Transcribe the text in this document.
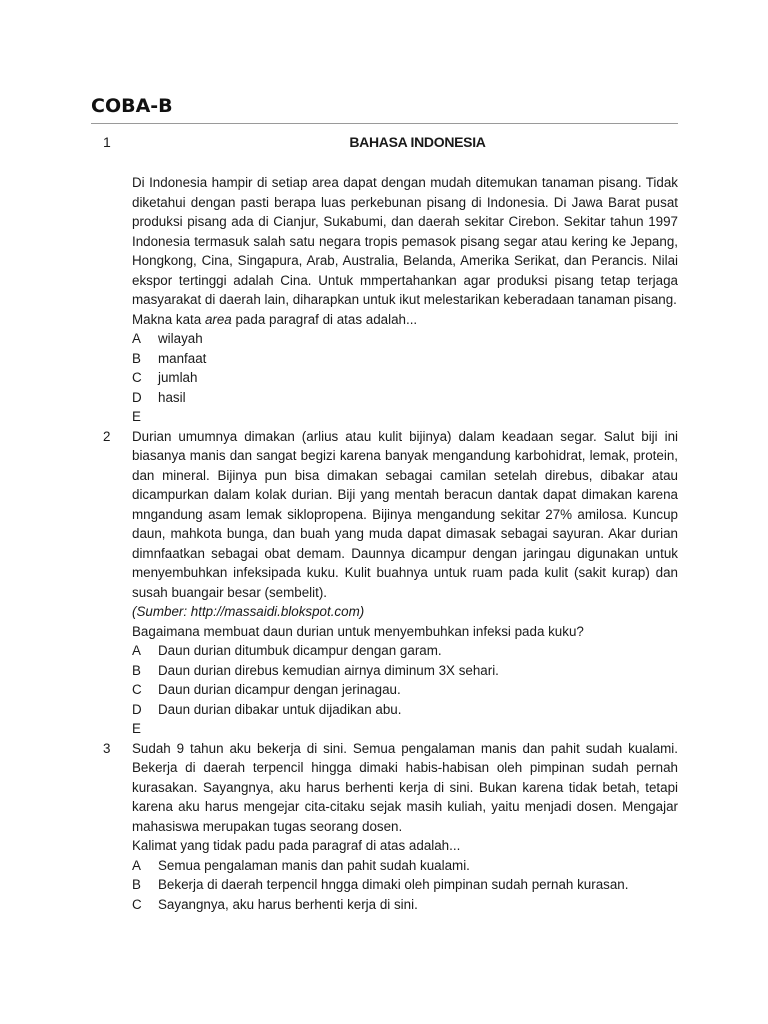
COBA-B
1	BAHASA INDONESIA

Di Indonesia hampir di setiap area dapat dengan mudah ditemukan tanaman pisang. Tidak diketahui dengan pasti berapa luas perkebunan pisang di Indonesia. Di Jawa Barat pusat produksi pisang ada di Cianjur, Sukabumi, dan daerah sekitar Cirebon. Sekitar tahun 1997 Indonesia termasuk salah satu negara tropis pemasok pisang segar atau kering ke Jepang, Hongkong, Cina, Singapura, Arab, Australia, Belanda, Amerika Serikat, dan Perancis. Nilai ekspor tertinggi adalah Cina. Untuk mmpertahankan agar produksi pisang tetap terjaga masyarakat di daerah lain, diharapkan untuk ikut melestarikan keberadaan tanaman pisang.

Makna kata area pada paragraf di atas adalah...

A	wilayah
B	manfaat
C	jumlah
D	hasil
E
2 Durian umumnya dimakan (arlius atau kulit bijinya) dalam keadaan segar. Salut biji ini biasanya manis dan sangat begizi karena banyak mengandung karbohidrat, lemak, protein, dan mineral. Bijinya pun bisa dimakan sebagai camilan setelah direbus, dibakar atau dicampurkan dalam kolak durian. Biji yang mentah beracun dantak dapat dimakan karena mngandung asam lemak siklopropena. Bijinya mengandung sekitar 27% amilosa. Kuncup daun, mahkota bunga, dan buah yang muda dapat dimasak sebagai sayuran. Akar durian dimnfaatkan sebagai obat demam. Daunnya dicampur dengan jaringau digunakan untuk menyembuhkan infeksipada kuku. Kulit buahnya untuk ruam pada kulit (sakit kurap) dan susah buangair besar (sembelit).

(Sumber: http://massaidi.blokspot.com)

Bagaimana membuat daun durian untuk menyembuhkan infeksi pada kuku?

A	Daun durian ditumbuk dicampur dengan garam.
B	Daun durian direbus kemudian airnya diminum 3X sehari.
C	Daun durian dicampur dengan jerinagau.
D	Daun durian dibakar untuk dijadikan abu.
E
3 Sudah 9 tahun aku bekerja di sini. Semua pengalaman manis dan pahit sudah kualami. Bekerja di daerah terpencil hingga dimaki habis-habisan oleh pimpinan sudah pernah kurasakan. Sayangnya, aku harus berhenti kerja di sini. Bukan karena tidak betah, tetapi karena aku harus mengejar cita-citaku sejak masih kuliah, yaitu menjadi dosen. Mengajar mahasiswa merupakan tugas seorang dosen.

Kalimat yang tidak padu pada paragraf di atas adalah...

A	Semua pengalaman manis dan pahit sudah kualami.
B	Bekerja di daerah terpencil hngga dimaki oleh pimpinan sudah pernah kurasan.
C	Sayangnya, aku harus berhenti kerja di sini.
